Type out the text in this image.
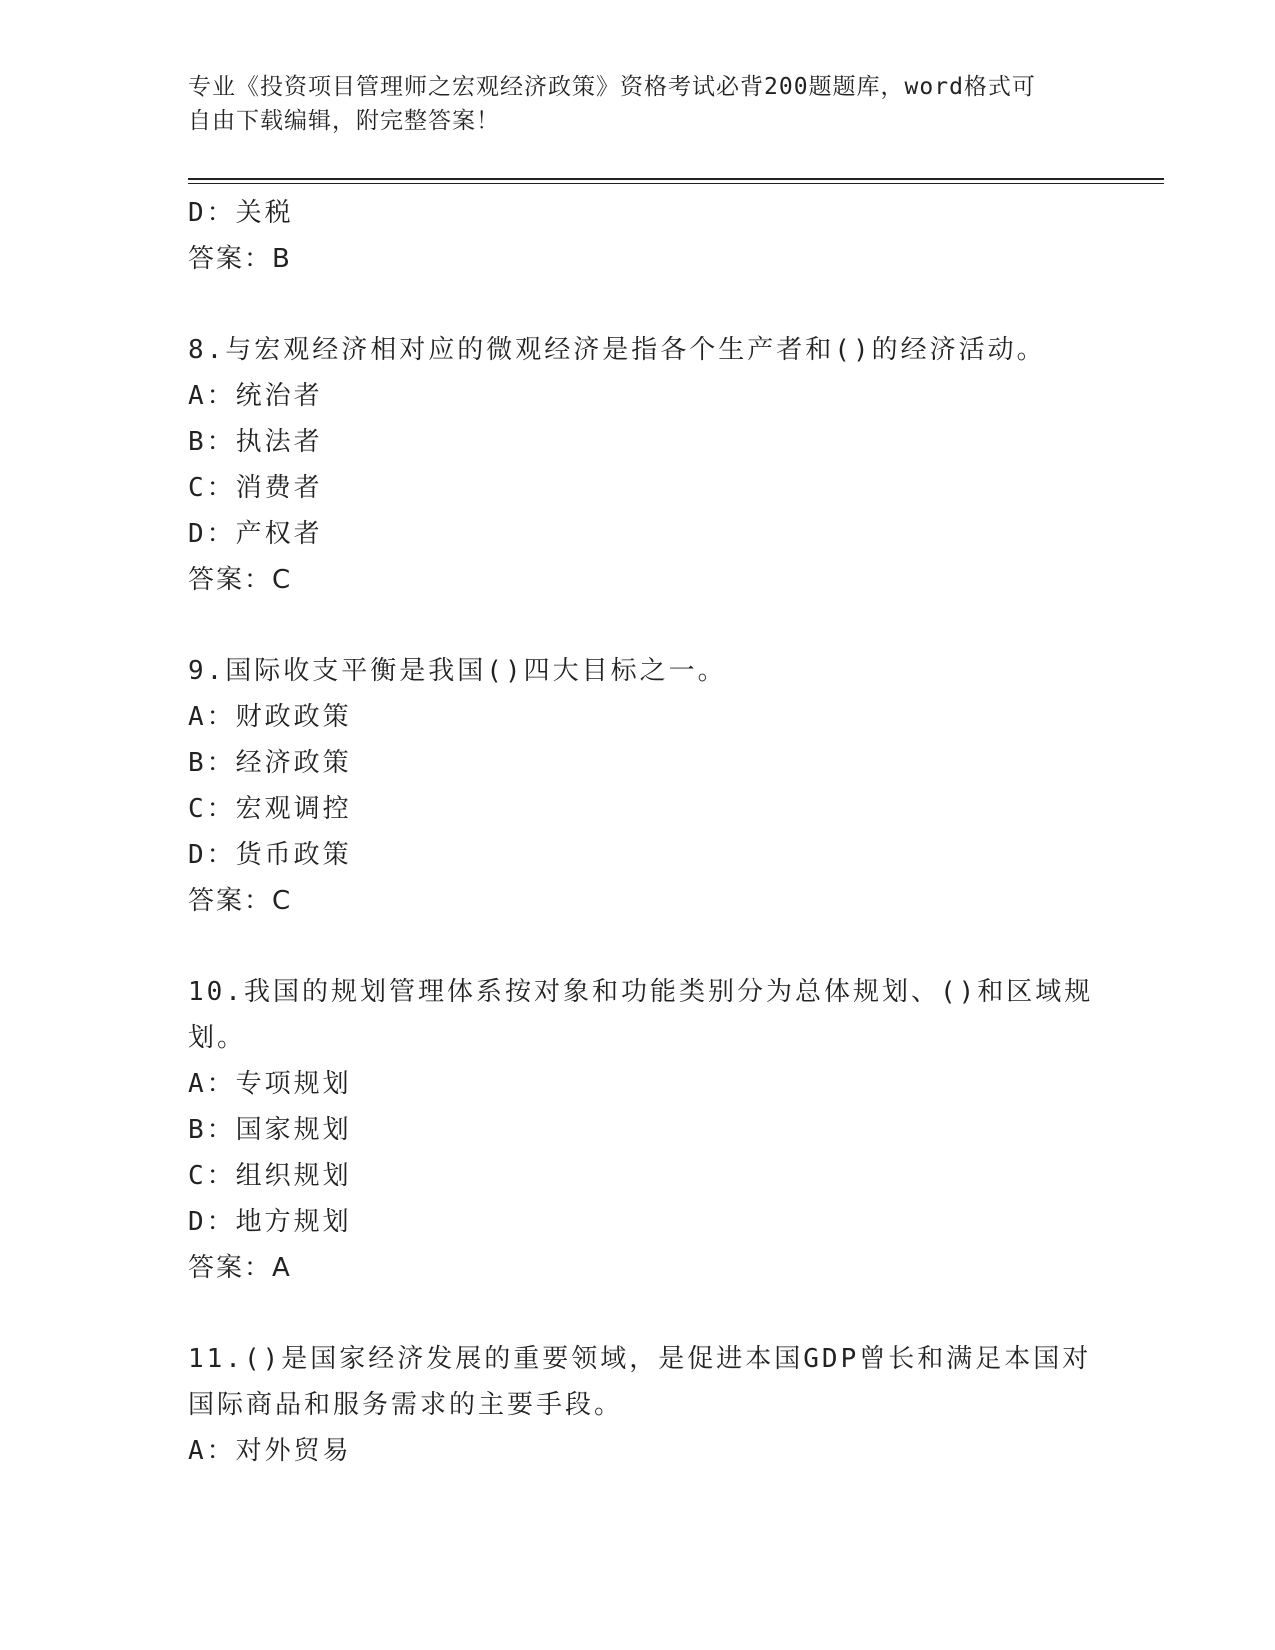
专业《投资项目管理师之宏观经济政策》资格考试必背200题题库，word格式可
自由下载编辑，附完整答案！
D：关税
答案：B
8.与宏观经济相对应的微观经济是指各个生产者和()的经济活动。
A：统治者
B：执法者
C：消费者
D：产权者
答案：C
9.国际收支平衡是我国()四大目标之一。
A：财政政策
B：经济政策
C：宏观调控
D：货币政策
答案：C
10.我国的规划管理体系按对象和功能类别分为总体规划、()和区域规
划。
A：专项规划
B：国家规划
C：组织规划
D：地方规划
答案：A
11.()是国家经济发展的重要领域，是促进本国GDP曾长和满足本国对
国际商品和服务需求的主要手段。
A：对外贸易
